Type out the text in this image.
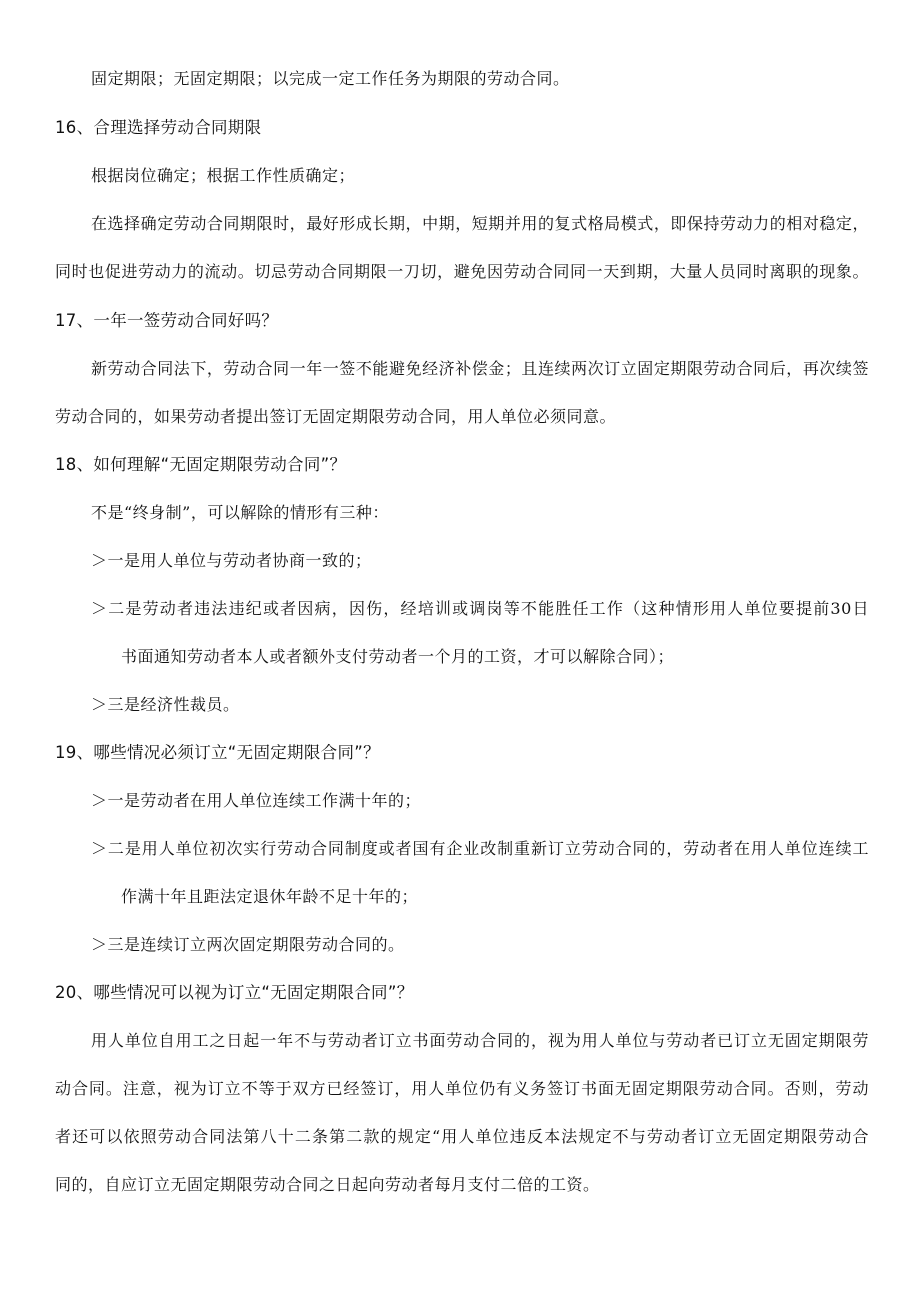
固定期限；无固定期限；以完成一定工作任务为期限的劳动合同。
16、合理选择劳动合同期限
根据岗位确定；根据工作性质确定；
在选择确定劳动合同期限时，最好形成长期，中期，短期并用的复式格局模式，即保持劳动力的相对稳定，
同时也促进劳动力的流动。切忌劳动合同期限一刀切，避免因劳动合同同一天到期，大量人员同时离职的现象。
17、一年一签劳动合同好吗？
新劳动合同法下，劳动合同一年一签不能避免经济补偿金；且连续两次订立固定期限劳动合同后，再次续签
劳动合同的，如果劳动者提出签订无固定期限劳动合同，用人单位必须同意。
18、如何理解“无固定期限劳动合同”？
不是“终身制”，可以解除的情形有三种：
＞一是用人单位与劳动者协商一致的；
＞二是劳动者违法违纪或者因病，因伤，经培训或调岗等不能胜任工作（这种情形用人单位要提前30日
书面通知劳动者本人或者额外支付劳动者一个月的工资，才可以解除合同）；
＞三是经济性裁员。
19、哪些情况必须订立“无固定期限合同”？
＞一是劳动者在用人单位连续工作满十年的；
＞二是用人单位初次实行劳动合同制度或者国有企业改制重新订立劳动合同的，劳动者在用人单位连续工
作满十年且距法定退休年龄不足十年的；
＞三是连续订立两次固定期限劳动合同的。
20、哪些情况可以视为订立“无固定期限合同”？
用人单位自用工之日起一年不与劳动者订立书面劳动合同的，视为用人单位与劳动者已订立无固定期限劳
动合同。注意，视为订立不等于双方已经签订，用人单位仍有义务签订书面无固定期限劳动合同。否则，劳动
者还可以依照劳动合同法第八十二条第二款的规定“用人单位违反本法规定不与劳动者订立无固定期限劳动合
同的，自应订立无固定期限劳动合同之日起向劳动者每月支付二倍的工资。
